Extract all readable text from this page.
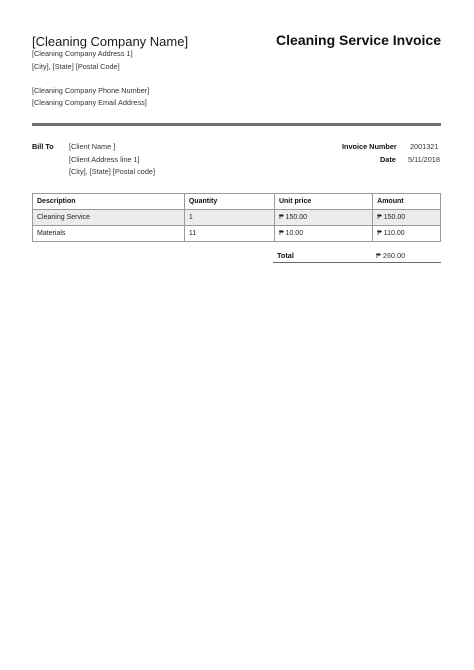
[Cleaning Company Name]
[Cleaning Company Address 1]
[City], [State] [Postal Code]
[Cleaning Company Phone Number]
[Cleaning Company Email Address]
Cleaning Service Invoice
Bill To [Client Name ]
[Client Address line 1]
[City], [State] [Postal code]
Invoice Number 2001321
Date 5/11/2018
Description	Quantity	Unit price	Amount
Cleaning Service	1	₱ 150.00	₱ 150.00
Materials	11	₱ 10.00	₱ 110.00
Total	₱ 260.00
